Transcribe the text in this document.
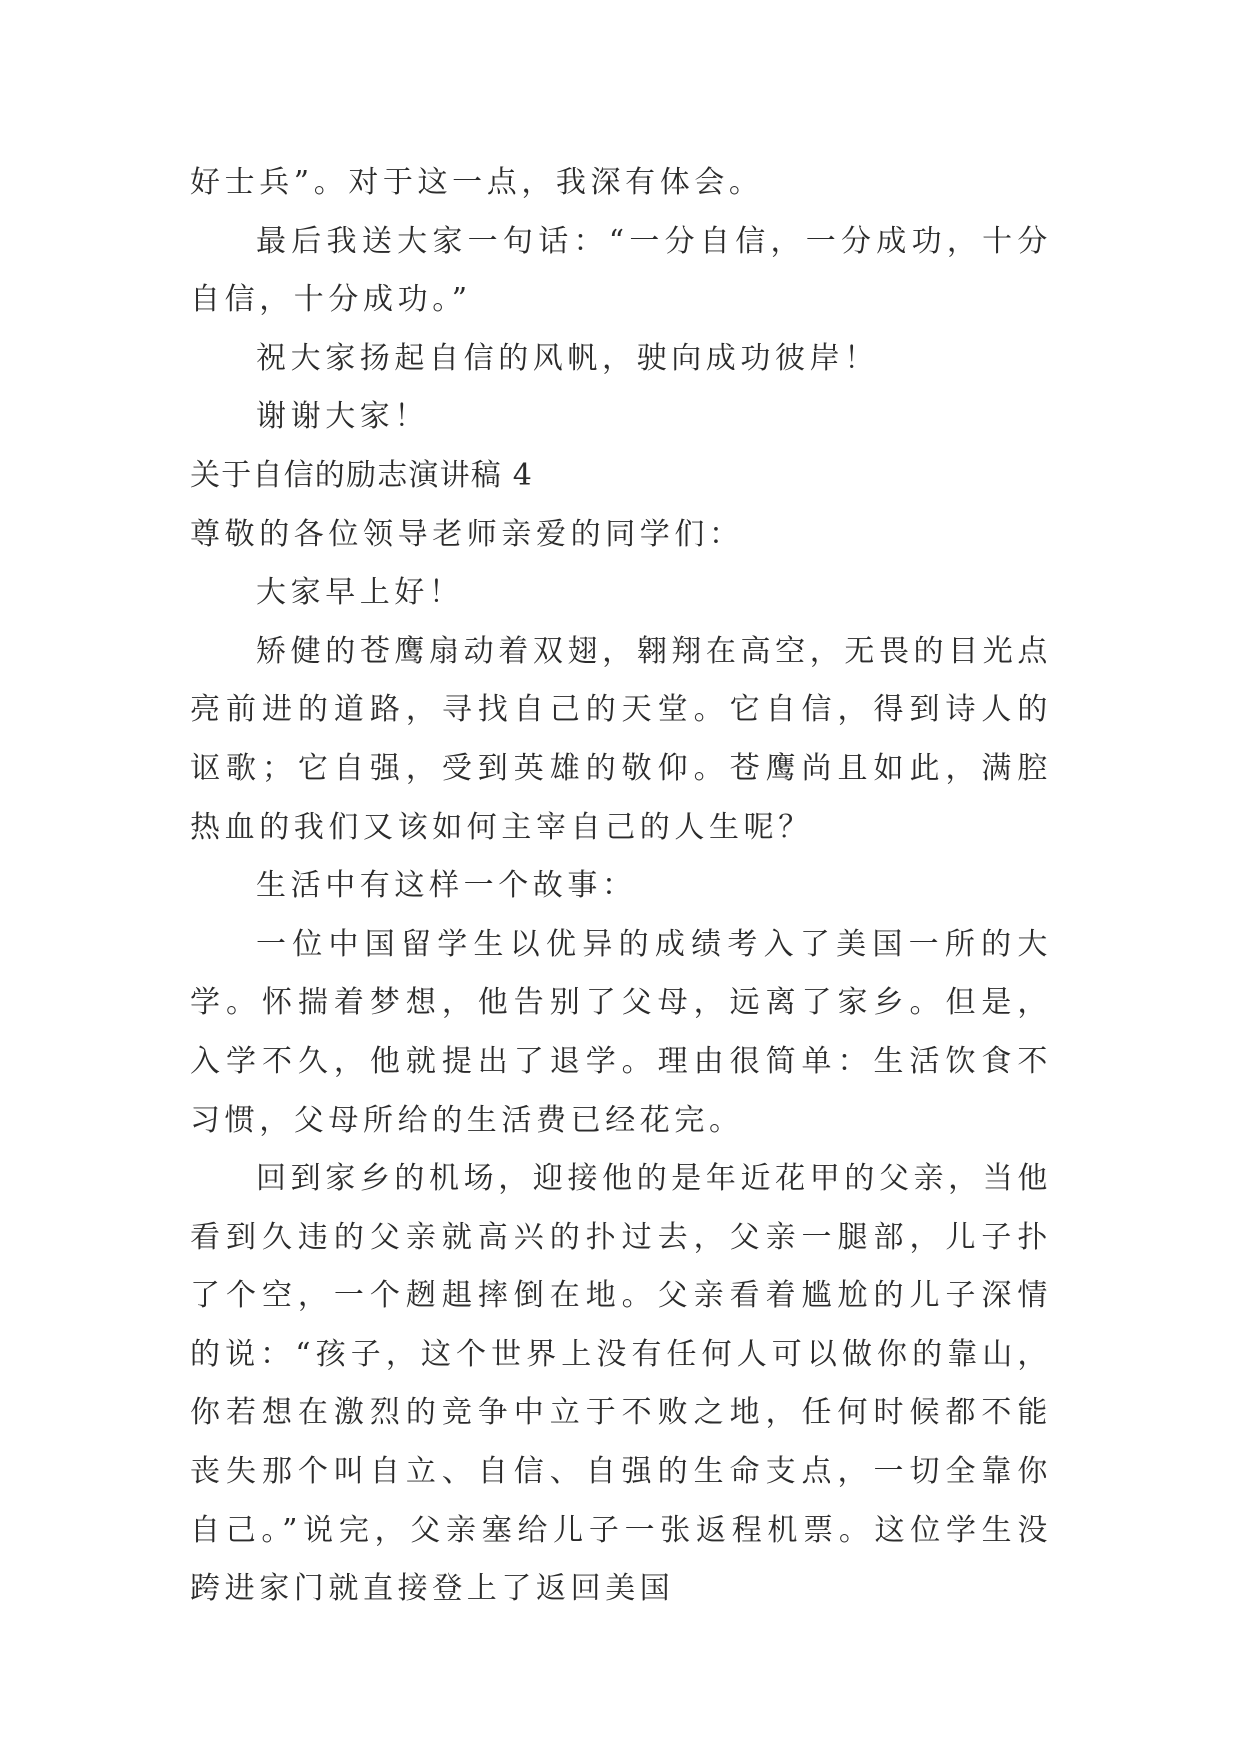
好士兵”。对于这一点，我深有体会。

最后我送大家一句话：“一分自信，一分成功，十分自信，十分成功。”

祝大家扬起自信的风帆，驶向成功彼岸！

谢谢大家！

关于自信的励志演讲稿 4

尊敬的各位领导老师亲爱的同学们：

大家早上好！

矫健的苍鹰扇动着双翅，翱翔在高空，无畏的目光点亮前进的道路，寻找自己的天堂。它自信，得到诗人的讴歌；它自强，受到英雄的敬仰。苍鹰尚且如此，满腔热血的我们又该如何主宰自己的人生呢？

生活中有这样一个故事：

一位中国留学生以优异的成绩考入了美国一所的大学。怀揣着梦想，他告别了父母，远离了家乡。但是，入学不久，他就提出了退学。理由很简单：生活饮食不习惯，父母所给的生活费已经花完。

回到家乡的机场，迎接他的是年近花甲的父亲，当他看到久违的父亲就高兴的扑过去，父亲一腿部，儿子扑了个空，一个趔趄摔倒在地。父亲看着尴尬的儿子深情的说：“孩子，这个世界上没有任何人可以做你的靠山，你若想在激烈的竞争中立于不败之地，任何时候都不能丧失那个叫自立、自信、自强的生命支点，一切全靠你自己。”说完，父亲塞给儿子一张返程机票。这位学生没跨进家门就直接登上了返回美国
